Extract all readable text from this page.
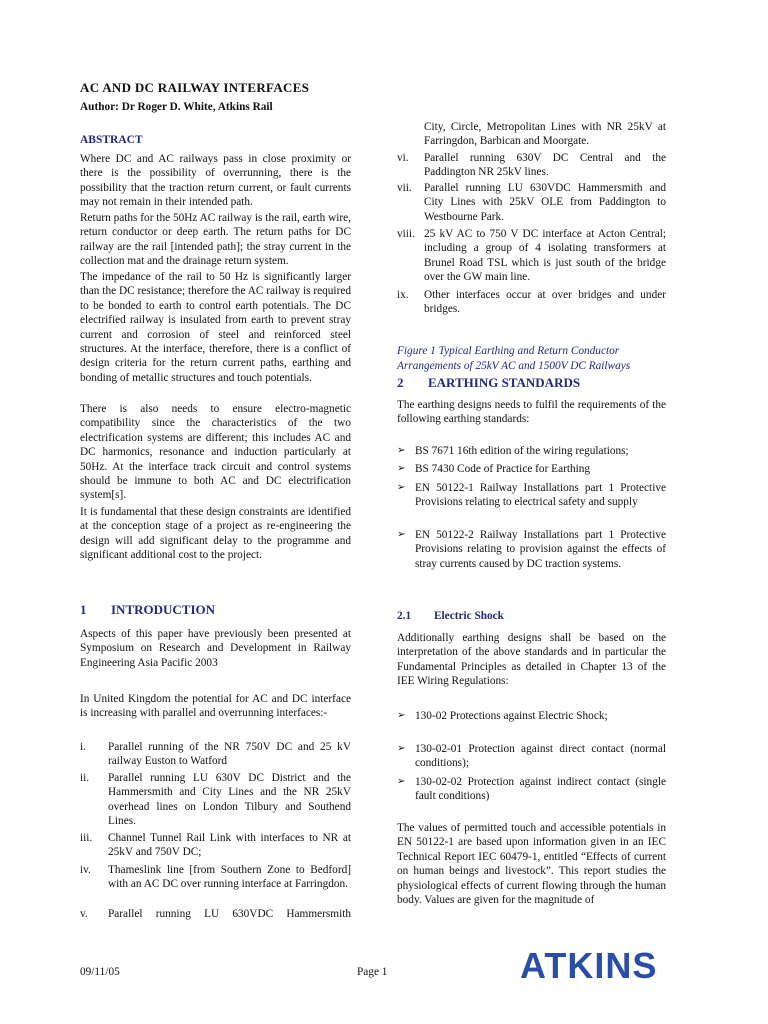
AC AND DC RAILWAY INTERFACES
Author: Dr Roger D. White, Atkins Rail
ABSTRACT

Where DC and AC railways pass in close proximity or there is the possibility of overrunning, there is the possibility that the traction return current, or fault currents may not remain in their intended path.

Return paths for the 50Hz AC railway is the rail, earth wire, return conductor or deep earth. The return paths for DC railway are the rail [intended path]; the stray current in the collection mat and the drainage return system.

The impedance of the rail to 50 Hz is significantly larger than the DC resistance; therefore the AC railway is required to be bonded to earth to control earth potentials. The DC electrified railway is insulated from earth to prevent stray current and corrosion of steel and reinforced steel structures. At the interface, therefore, there is a conflict of design criteria for the return current paths, earthing and bonding of metallic structures and touch potentials.

There is also needs to ensure electro-magnetic compatibility since the characteristics of the two electrification systems are different; this includes AC and DC harmonics, resonance and induction particularly at 50Hz. At the interface track circuit and control systems should be immune to both AC and DC electrification system[s].

It is fundamental that these design constraints are identified at the conception stage of a project as re-engineering the design will add significant delay to the programme and significant additional cost to the project.

1 INTRODUCTION

Aspects of this paper have previously been presented at Symposium on Research and Development in Railway Engineering Asia Pacific 2003

In United Kingdom the potential for AC and DC interface is increasing with parallel and overrunning interfaces:-

i. Parallel running of the NR 750V DC and 25 kV railway Euston to Watford
ii. Parallel running LU 630V DC District and the Hammersmith and City Lines and the NR 25kV overhead lines on London Tilbury and Southend Lines.
iii. Channel Tunnel Rail Link with interfaces to NR at 25kV and 750V DC;
iv. Thameslink line [from Southern Zone to Bedford] with an AC DC over running interface at Farringdon.
v. Parallel running LU 630VDC Hammersmith
City, Circle, Metropolitan Lines with NR 25kV at Farringdon, Barbican and Moorgate.
vi. Parallel running 630V DC Central and the Paddington NR 25kV lines.
vii. Parallel running LU 630VDC Hammersmith and City Lines with 25kV OLE from Paddington to Westbourne Park.
viii. 25 kV AC to 750 V DC interface at Acton Central; including a group of 4 isolating transformers at Brunel Road TSL which is just south of the bridge over the GW main line.
ix. Other interfaces occur at over bridges and under bridges.

Figure 1 Typical Earthing and Return Conductor Arrangements of 25kV AC and 1500V DC Railways

2 EARTHING STANDARDS

The earthing designs needs to fulfil the requirements of the following earthing standards:

➢ BS 7671 16th edition of the wiring regulations;
➢ BS 7430 Code of Practice for Earthing
➢ EN 50122-1 Railway Installations part 1 Protective Provisions relating to electrical safety and supply
➢ EN 50122-2 Railway Installations part 1 Protective Provisions relating to provision against the effects of stray currents caused by DC traction systems.
2.1 Electric Shock

Additionally earthing designs shall be based on the interpretation of the above standards and in particular the Fundamental Principles as detailed in Chapter 13 of the IEE Wiring Regulations:

➢ 130-02 Protections against Electric Shock;
➢ 130-02-01 Protection against direct contact (normal conditions);
➢ 130-02-02 Protection against indirect contact (single fault conditions)

The values of permitted touch and accessible potentials in EN 50122-1 are based upon information given in an IEC Technical Report IEC 60479-1, entitled “Effects of current on human beings and livestock”. This report studies the physiological effects of current flowing through the human body. Values are given for the magnitude of

09/11/05	Page 1	ATKINS
